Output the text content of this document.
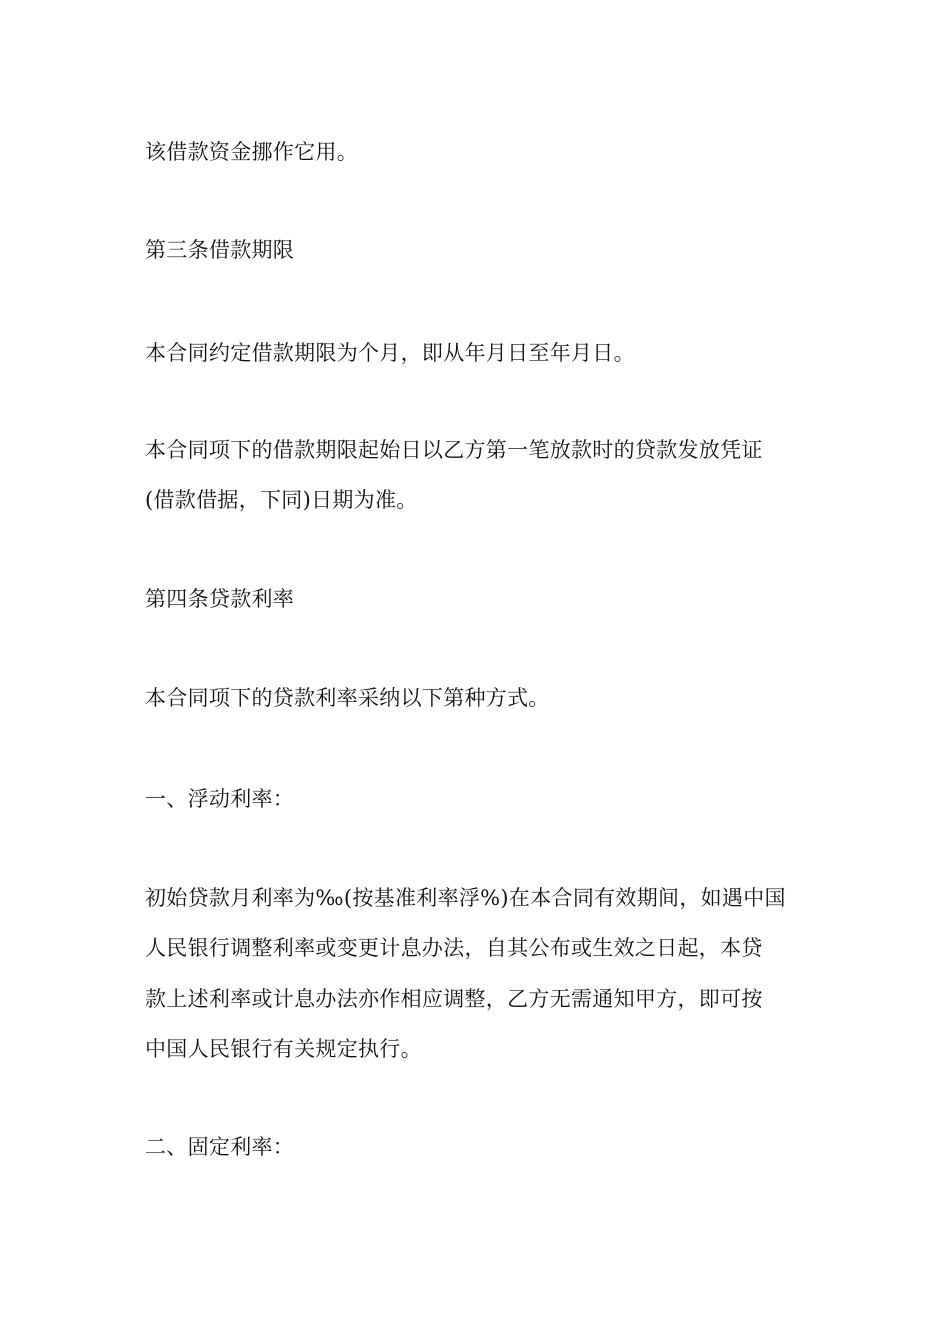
该借款资金挪作它用。
第三条借款期限
本合同约定借款期限为个月，即从年月日至年月日。
本合同项下的借款期限起始日以乙方第一笔放款时的贷款发放凭证
(借款借据，下同)日期为准。
第四条贷款利率
本合同项下的贷款利率采纳以下第种方式。
一、浮动利率：
初始贷款月利率为‰(按基准利率浮%)在本合同有效期间，如遇中国
人民银行调整利率或变更计息办法，自其公布或生效之日起，本贷
款上述利率或计息办法亦作相应调整，乙方无需通知甲方，即可按
中国人民银行有关规定执行。
二、固定利率：
